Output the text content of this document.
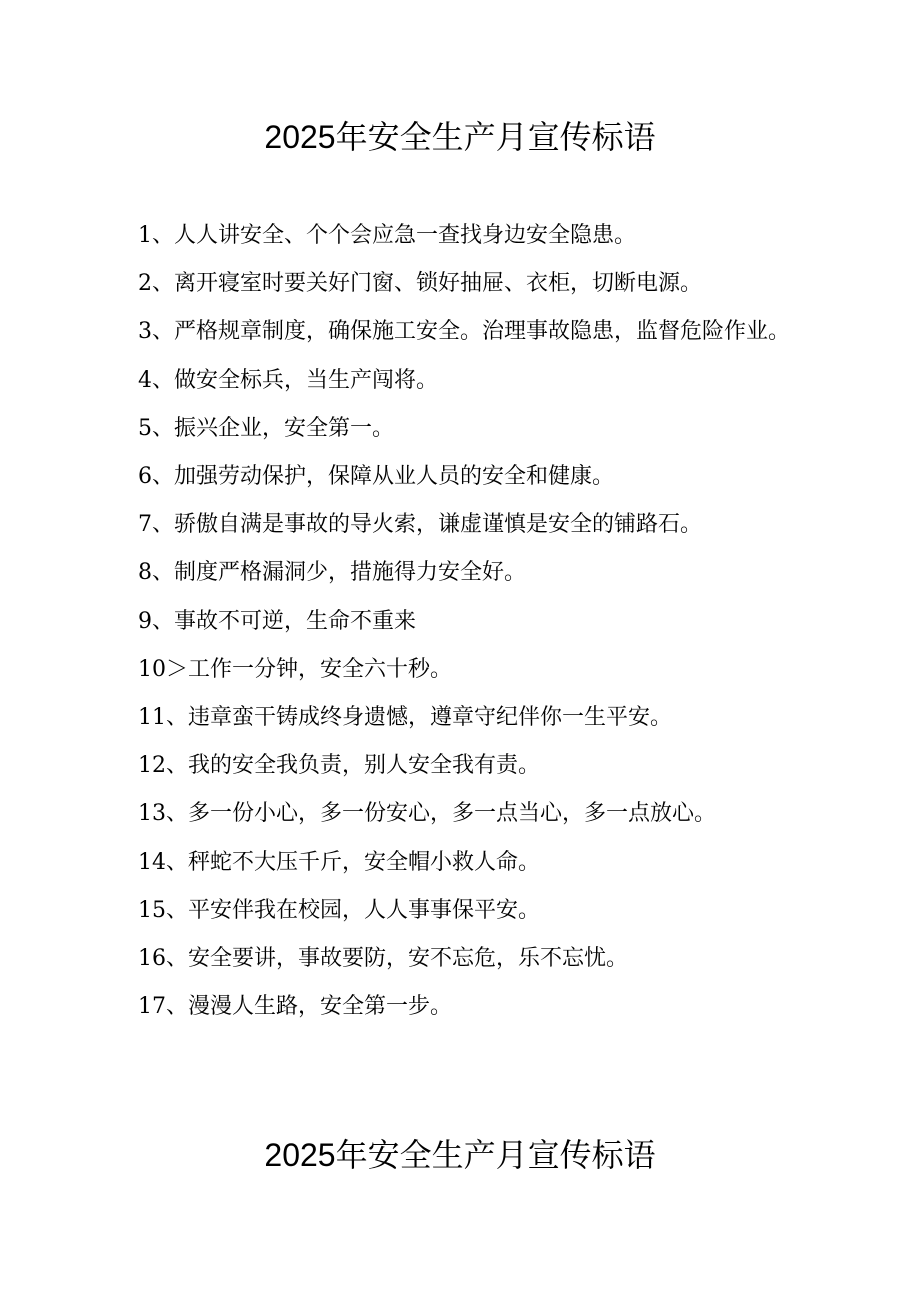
2025年安全生产月宣传标语
1、人人讲安全、个个会应急一查找身边安全隐患。
2、离开寝室时要关好门窗、锁好抽屉、衣柜，切断电源。
3、严格规章制度，确保施工安全。治理事故隐患，监督危险作业。
4、做安全标兵，当生产闯将。
5、振兴企业，安全第一。
6、加强劳动保护，保障从业人员的安全和健康。
7、骄傲自满是事故的导火索，谦虚谨慎是安全的铺路石。
8、制度严格漏洞少，措施得力安全好。
9、事故不可逆，生命不重来
10＞工作一分钟，安全六十秒。
11、违章蛮干铸成终身遗憾，遵章守纪伴你一生平安。
12、我的安全我负责，别人安全我有责。
13、多一份小心，多一份安心，多一点当心，多一点放心。
14、秤蛇不大压千斤，安全帽小救人命。
15、平安伴我在校园，人人事事保平安。
16、安全要讲，事故要防，安不忘危，乐不忘忧。
17、漫漫人生路，安全第一步。
2025年安全生产月宣传标语
